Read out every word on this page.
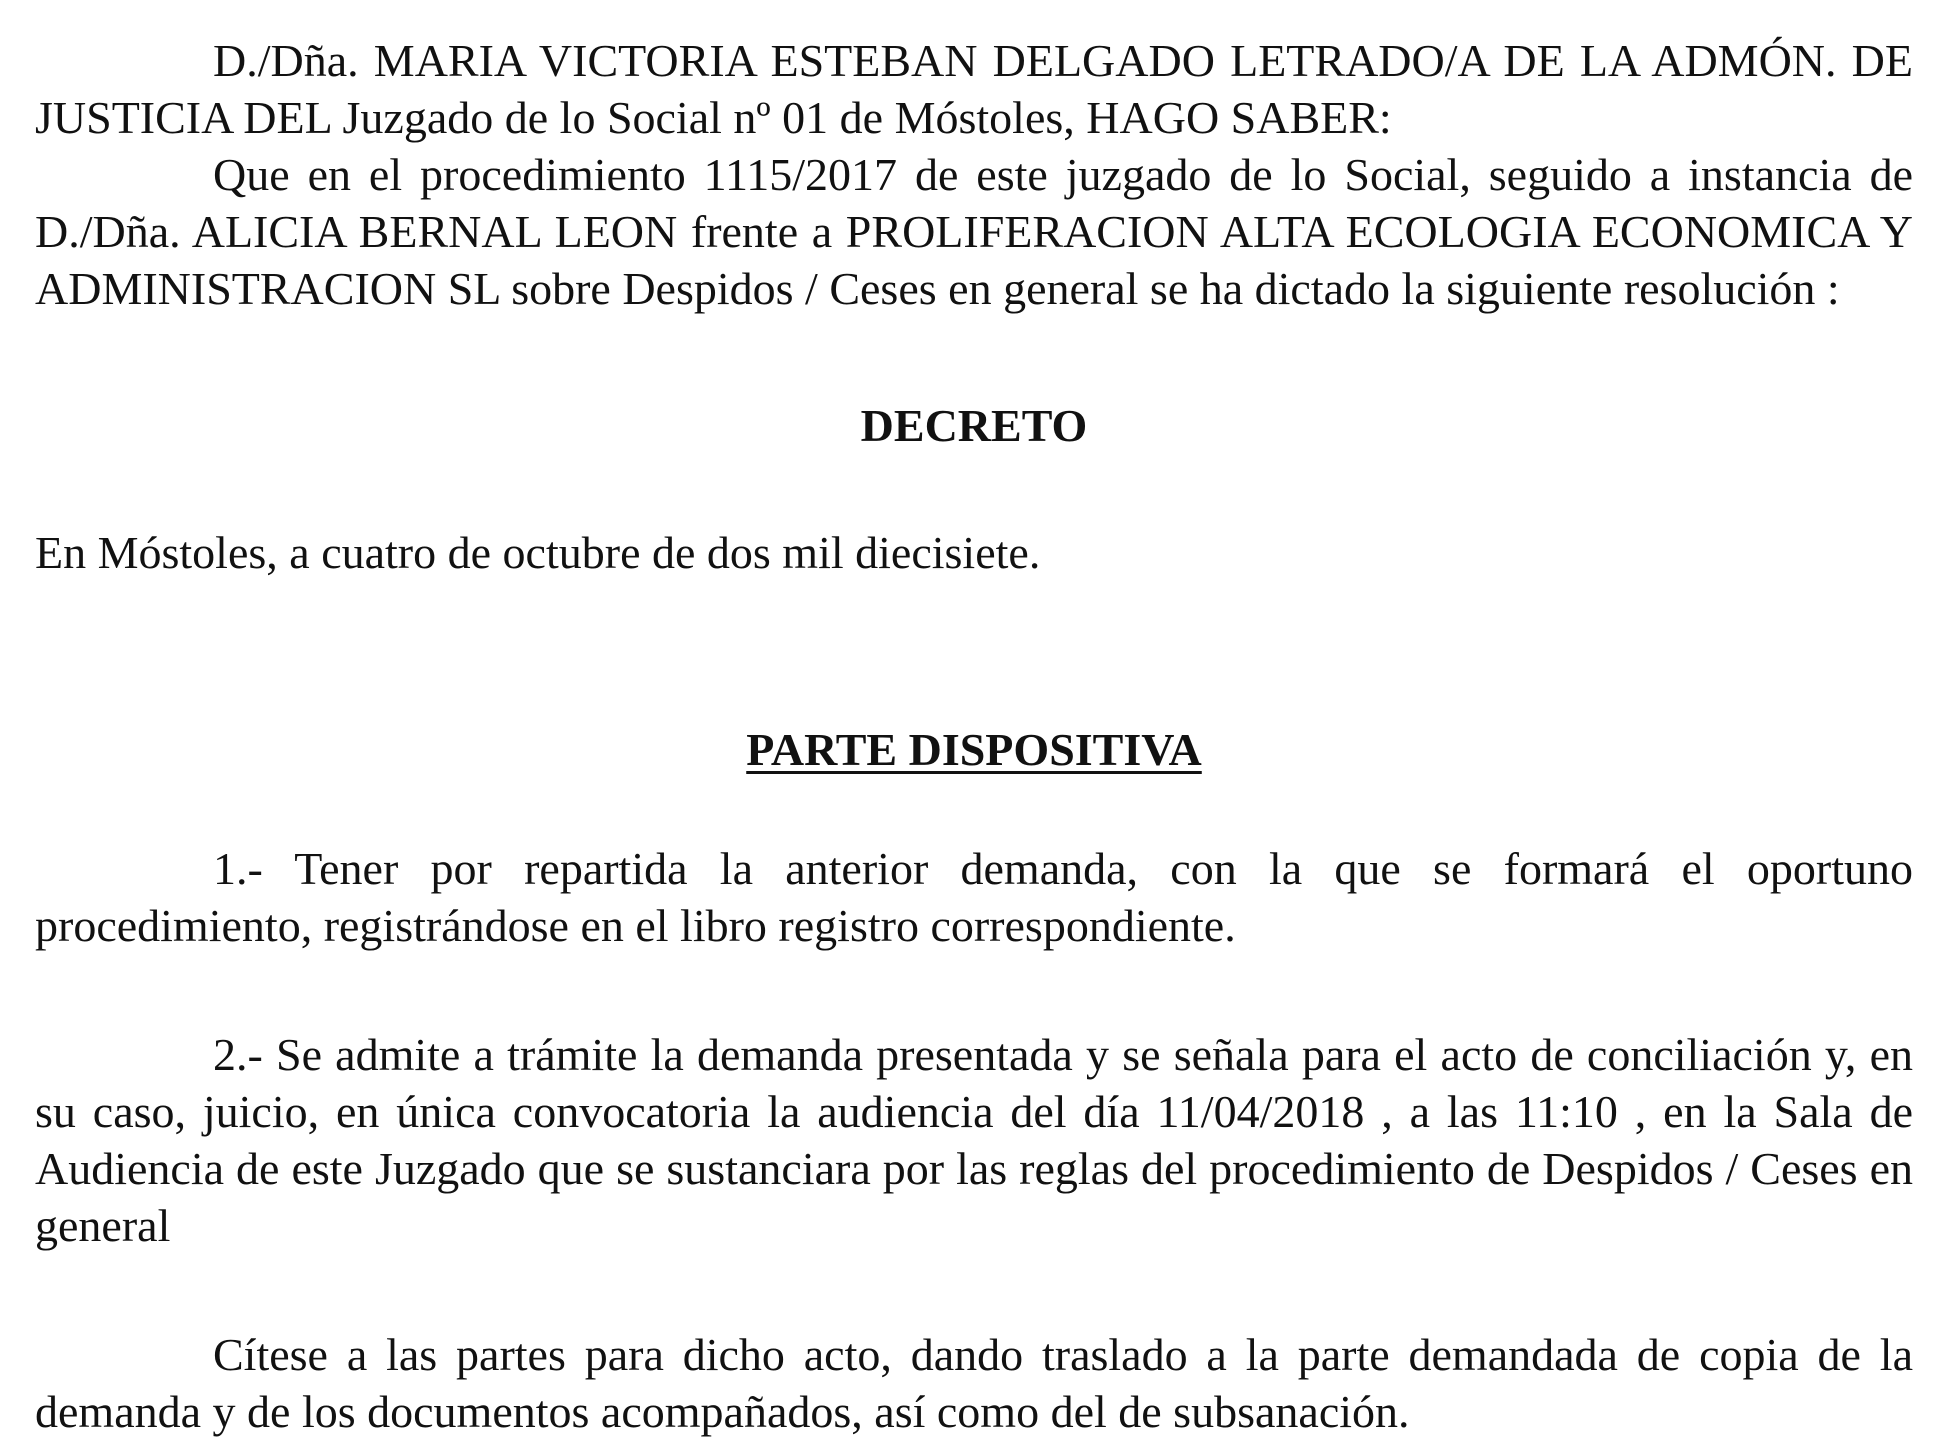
D./Dña. MARIA VICTORIA ESTEBAN DELGADO LETRADO/A DE LA ADMÓN. DE JUSTICIA DEL Juzgado de lo Social nº 01 de Móstoles, HAGO SABER:

Que en el procedimiento 1115/2017 de este juzgado de lo Social, seguido a instancia de D./Dña. ALICIA BERNAL LEON frente a PROLIFERACION ALTA ECOLOGIA ECONOMICA Y ADMINISTRACION SL sobre Despidos / Ceses en general se ha dictado la siguiente resolución :

DECRETO

En Móstoles, a cuatro de octubre de dos mil diecisiete.

PARTE DISPOSITIVA

1.- Tener por repartida la anterior demanda, con la que se formará el oportuno procedimiento, registrándose en el libro registro correspondiente.

2.- Se admite a trámite la demanda presentada y se señala para el acto de conciliación y, en su caso, juicio, en única convocatoria la audiencia del día 11/04/2018 , a las 11:10 , en la Sala de Audiencia de este Juzgado que se sustanciara por las reglas del procedimiento de Despidos / Ceses en general

Cítese a las partes para dicho acto, dando traslado a la parte demandada de copia de la demanda y de los documentos acompañados, así como del de subsanación.
